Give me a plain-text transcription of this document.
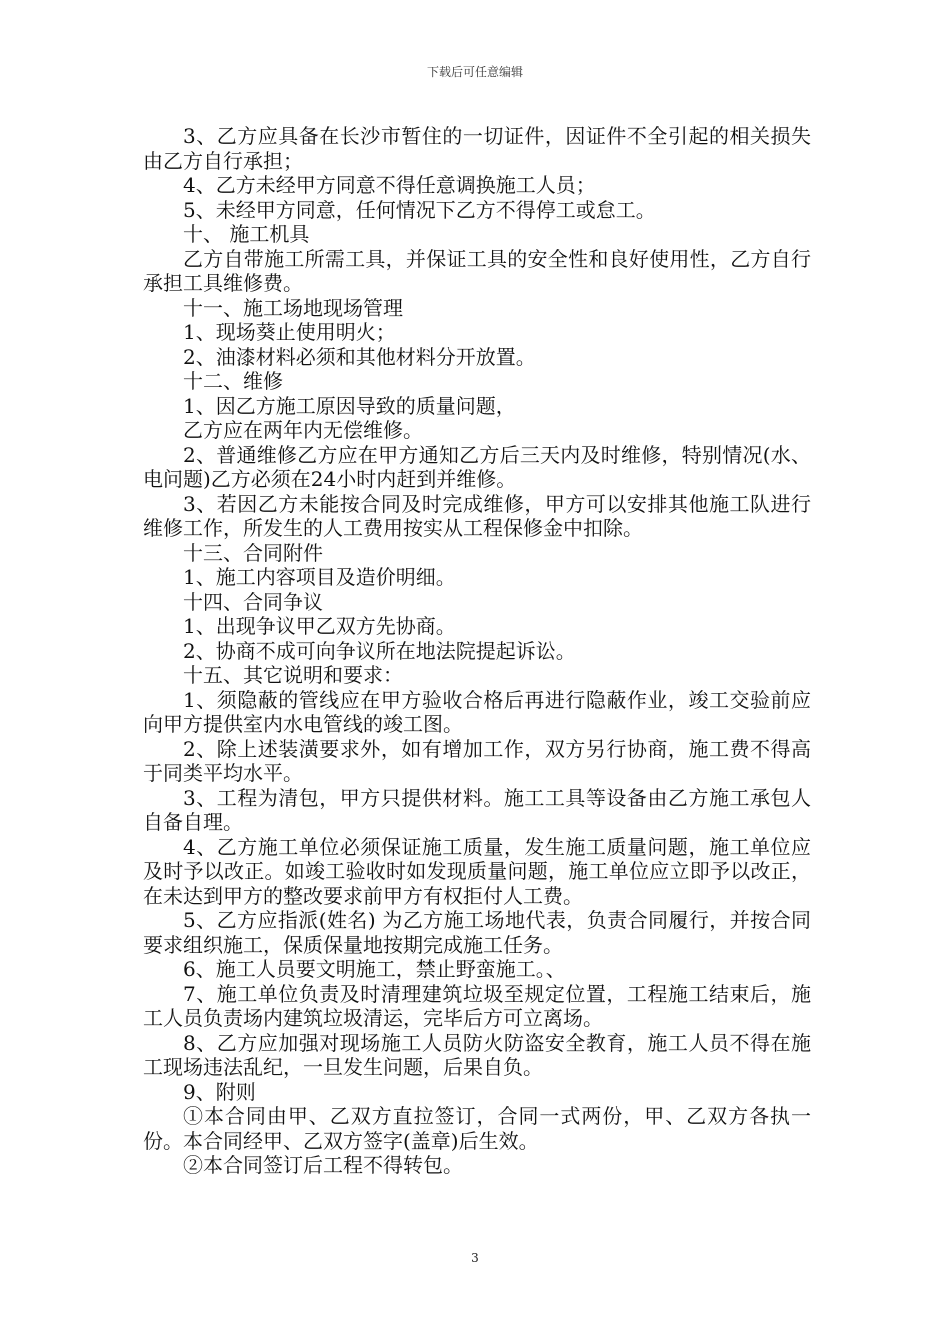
下载后可任意编辑

3、乙方应具备在长沙市暂住的一切证件，因证件不全引起的相关损失由乙方自行承担；

4、乙方未经甲方同意不得任意调换施工人员；

5、未经甲方同意，任何情况下乙方不得停工或怠工。

十、 施工机具

乙方自带施工所需工具，并保证工具的安全性和良好使用性，乙方自行承担工具维修费。

十一、施工场地现场管理

1、现场葵止使用明火；

2、油漆材料必须和其他材料分开放置。

十二、维修

1、因乙方施工原因导致的质量问题，

乙方应在两年内无偿维修。

2、普通维修乙方应在甲方通知乙方后三天内及时维修，特别情况(水、电问题)乙方必须在24小时内赶到并维修。

3、若因乙方未能按合同及时完成维修，甲方可以安排其他施工队进行维修工作，所发生的人工费用按实从工程保修金中扣除。

十三、合同附件

1、施工内容项目及造价明细。

十四、合同争议

1、出现争议甲乙双方先协商。

2、协商不成可向争议所在地法院提起诉讼。

十五、其它说明和要求：

1、须隐蔽的管线应在甲方验收合格后再进行隐蔽作业，竣工交验前应向甲方提供室内水电管线的竣工图。

2、除上述装潢要求外，如有增加工作，双方另行协商，施工费不得高于同类平均水平。

3、工程为清包，甲方只提供材料。施工工具等设备由乙方施工承包人自备自理。

4、乙方施工单位必须保证施工质量，发生施工质量问题，施工单位应及时予以改正。如竣工验收时如发现质量问题，施工单位应立即予以改正，在未达到甲方的整改要求前甲方有权拒付人工费。

5、乙方应指派(姓名) 为乙方施工场地代表，负责合同履行，并按合同要求组织施工，保质保量地按期完成施工任务。

6、施工人员要文明施工，禁止野蛮施工。、

7、施工单位负责及时清理建筑垃圾至规定位置，工程施工结束后，施工人员负责场内建筑垃圾清运，完毕后方可立离场。

8、乙方应加强对现场施工人员防火防盗安全教育，施工人员不得在施工现场违法乱纪，一旦发生问题，后果自负。

9、附则

①本合同由甲、乙双方直拉签订，合同一式两份，甲、乙双方各执一份。本合同经甲、乙双方签字(盖章)后生效。

②本合同签订后工程不得转包。

3
